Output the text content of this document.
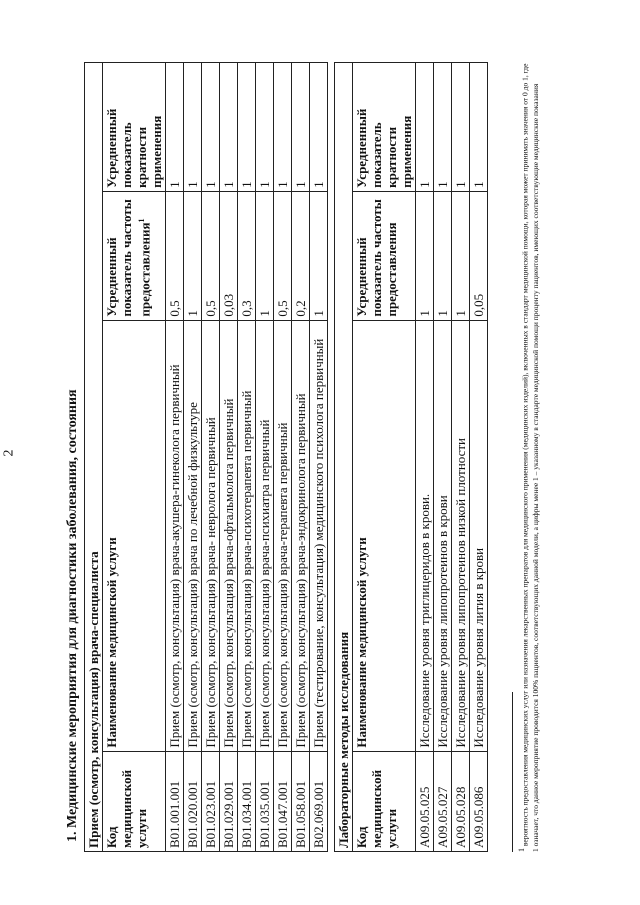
2	1. Медицинские мероприятия для диагностики заболевания, состояния Прием (осмотр, консультация) врача-специалиста			
Код медицинской услуги	Наименование медицинской услуги	Усредненный показатель частоты предоставления$^1$	Усредненный показатель кратности применения
B01.001.001	Прием (осмотр, консультация) врача-акушера-гинеколога первичный	0,5	1
B01.020.001	Прием (осмотр, консультация) врача по лечебной физкультуре	1	1
B01.023.001	Прием (осмотр, консультация) врача- невролога первичный	0,5	1
B01.029.001	Прием (осмотр, консультация) врача-офтальмолога первичный	0,03	1
B01.034.001	Прием (осмотр, консультация) врача-психотерапевта первичный	0,3	1
B01.035.001	Прием (осмотр, консультация) врача-психиатра первичный	1	1
B01.047.001	Прием (осмотр, консультация) врача-терапевта первичный	0,5	1
B01.058.001	Прием (осмотр, консультация) врача-эндокринолога первичный	0,2	1
B02.069.001	Прием (тестирование, консультация) медицинского психолога первичный	1	1
Лабораторные методы исследования			
Код медицинской услуги	Наименование медицинской услуги	Усредненный показатель частоты предоставления	Усредненный показатель кратности применения
A09.05.025	Исследование уровня триглицеридов в крови.	1	1
A09.05.027	Исследование уровня липопротеинов в крови	1	1
A09.05.028	Исследование уровня липопротеинов низкой плотности	1	1
A09.05.086	Исследование уровня лития в крови	0,05	1
$^1$ вероятность предоставления медицинских услуг или назначения лекарственных препаратов для медицинского применения (медицинских изделий), включенных в стандарт медицинской помощи, которая может принимать значения от 0 до 1, где 1 означает, что данное мероприятие проводится 100% пациентов, соответствующих данной модели, а цифры менее 1 – указанному в стандарте медицинской помощи проценту пациентов, имеющих соответствующие медицинские показания
